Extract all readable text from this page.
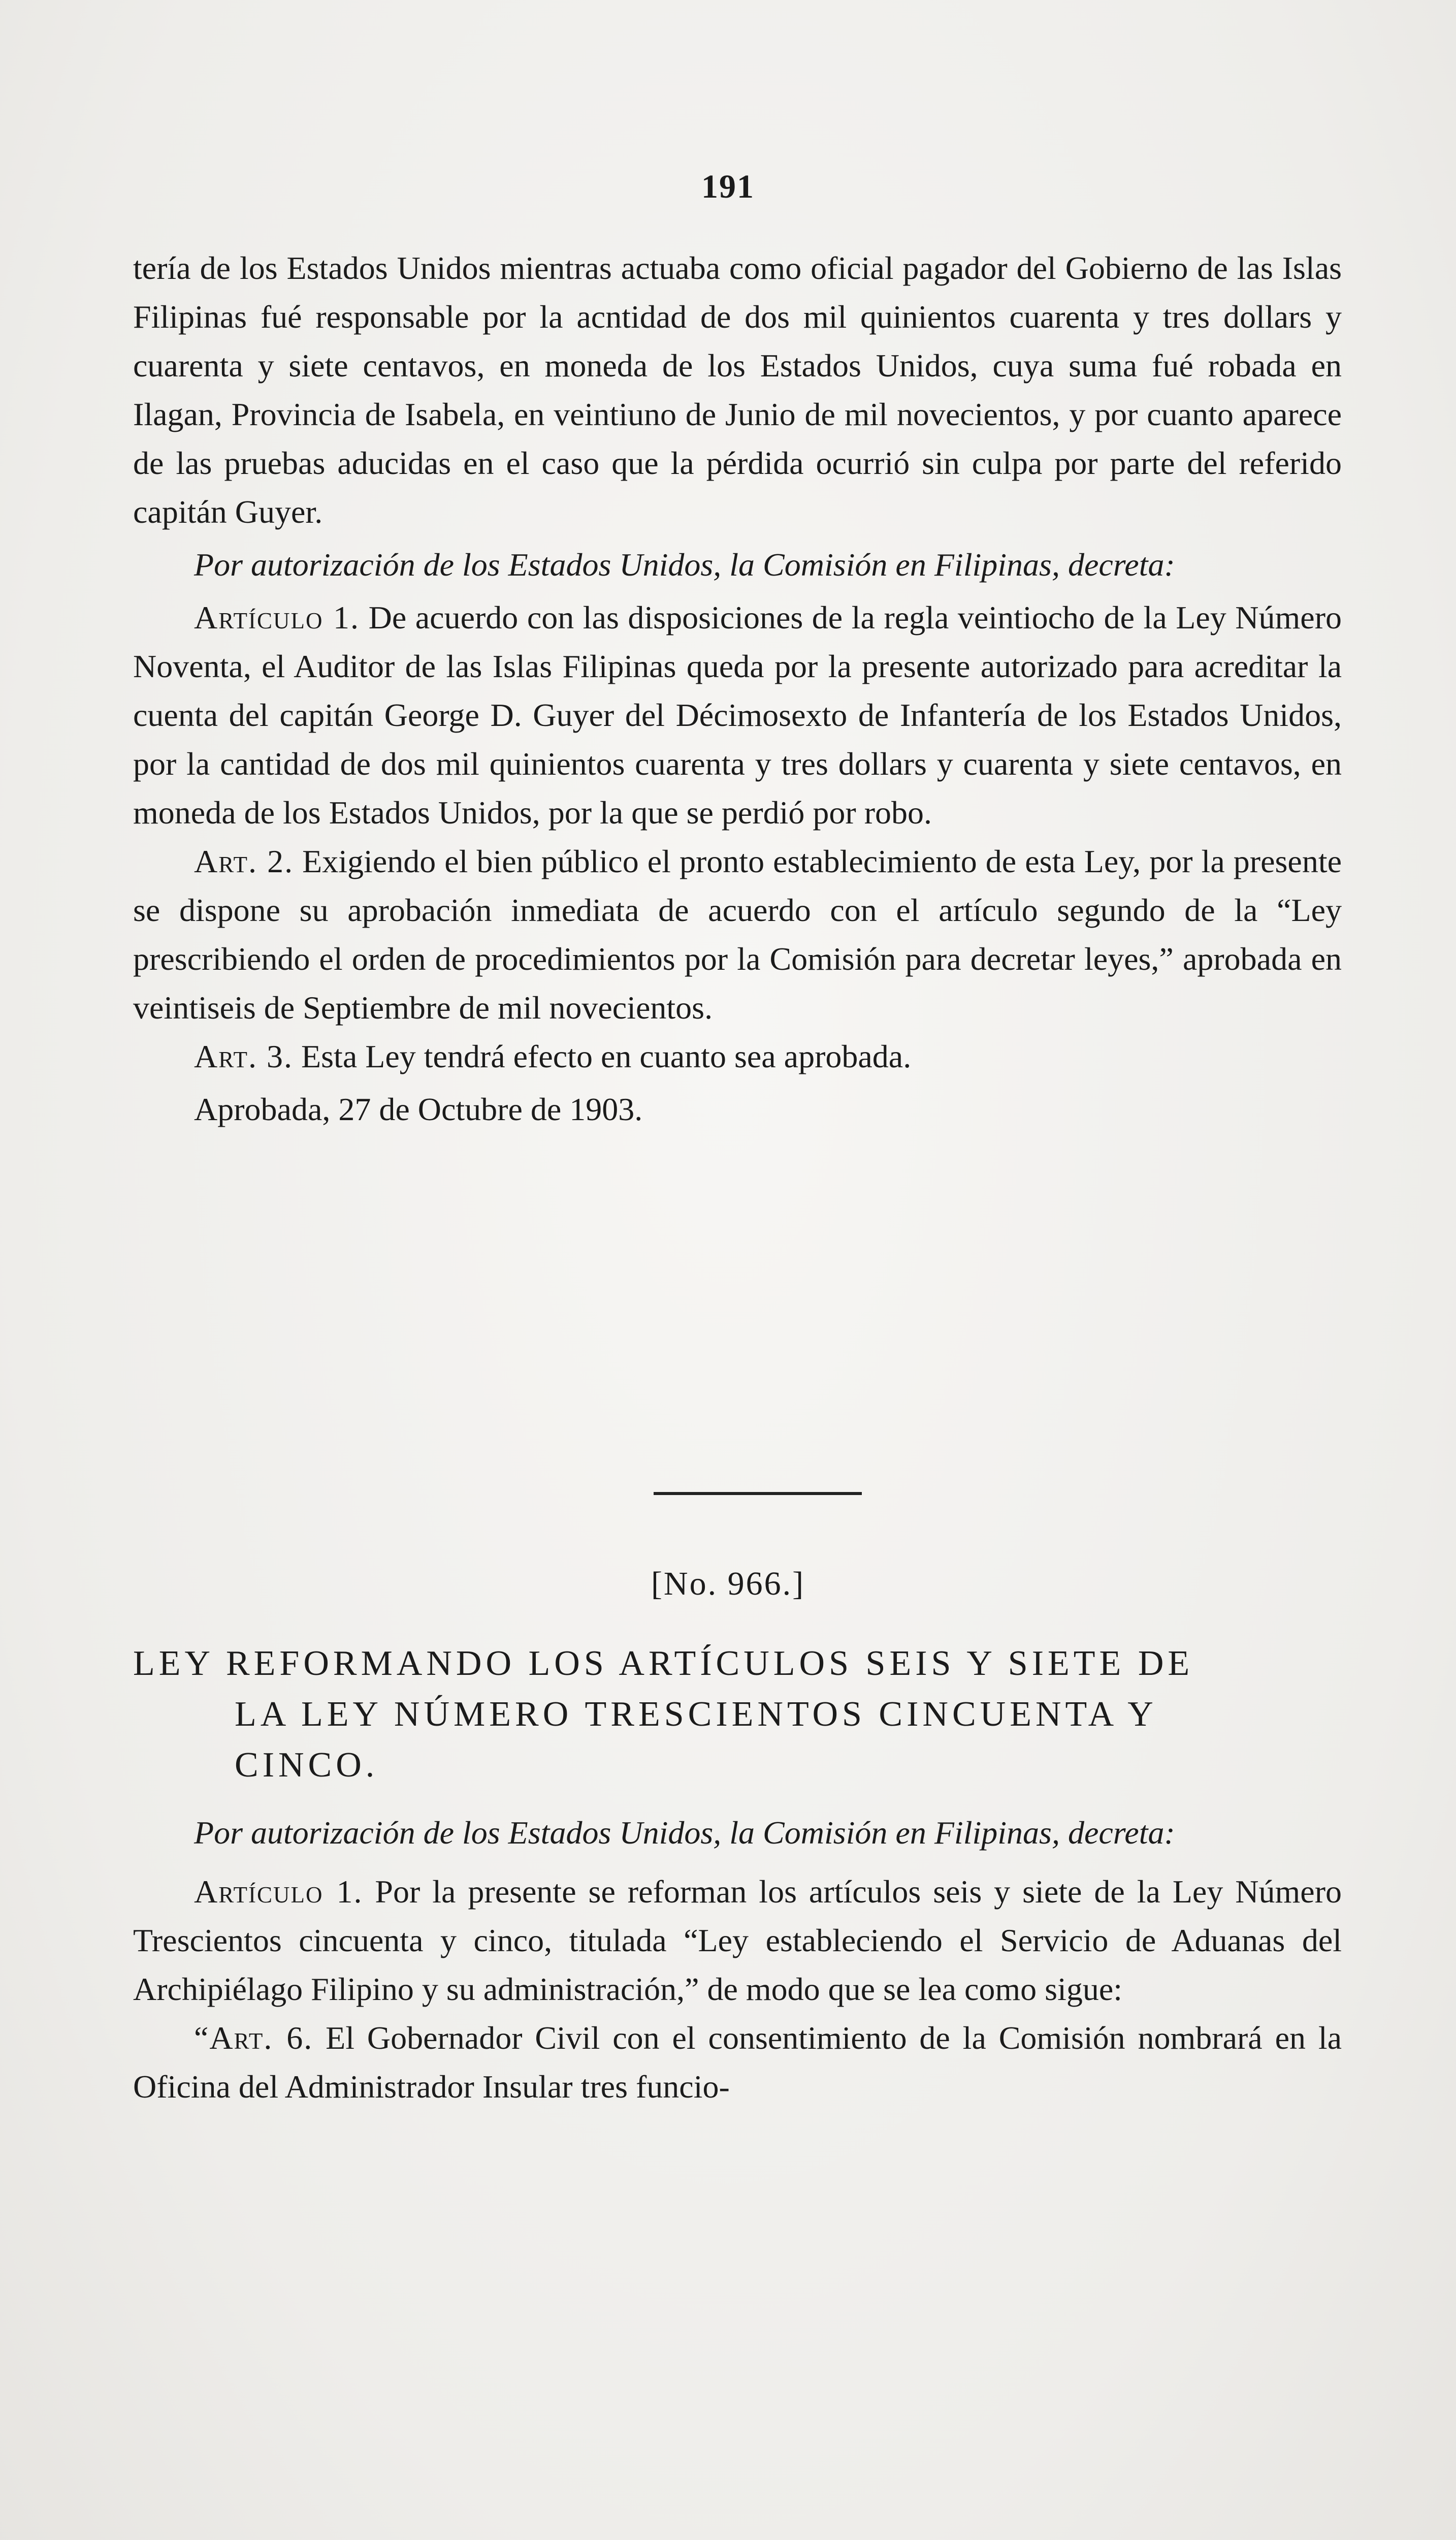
191

tería de los Estados Unidos mientras actuaba como oficial pagador del Gobierno de las Islas Filipinas fué responsable por la acntidad de dos mil quinientos cuarenta y tres dollars y cuarenta y siete centavos, en moneda de los Estados Unidos, cuya suma fué robada en Ilagan, Provincia de Isabela, en veintiuno de Junio de mil novecientos, y por cuanto aparece de las pruebas aducidas en el caso que la pérdida ocurrió sin culpa por parte del referido capitán Guyer.

Por autorización de los Estados Unidos, la Comisión en Filipinas, decreta:

Artículo 1. De acuerdo con las disposiciones de la regla veintiocho de la Ley Número Noventa, el Auditor de las Islas Filipinas queda por la presente autorizado para acreditar la cuenta del capitán George D. Guyer del Décimosexto de Infantería de los Estados Unidos, por la cantidad de dos mil quinientos cuarenta y tres dollars y cuarenta y siete centavos, en moneda de los Estados Unidos, por la que se perdió por robo.

Art. 2. Exigiendo el bien público el pronto establecimiento de esta Ley, por la presente se dispone su aprobación inmediata de acuerdo con el artículo segundo de la “Ley prescribiendo el orden de procedimientos por la Comisión para decretar leyes,” aprobada en veintiseis de Septiembre de mil novecientos.

Art. 3. Esta Ley tendrá efecto en cuanto sea aprobada.

Aprobada, 27 de Octubre de 1903.

[No. 966.]
LEY REFORMANDO LOS ARTÍCULOS SEIS Y SIETE DE
LA LEY NÚMERO TRESCIENTOS CINCUENTA Y
CINCO.

Por autorización de los Estados Unidos, la Comisión en Filipinas, decreta:

Artículo 1. Por la presente se reforman los artículos seis y siete de la Ley Número Trescientos cincuenta y cinco, titulada “Ley estableciendo el Servicio de Aduanas del Archipiélago Filipino y su administración,” de modo que se lea como sigue:

“Art. 6. El Gobernador Civil con el consentimiento de la Comisión nombrará en la Oficina del Administrador Insular tres funcio-
